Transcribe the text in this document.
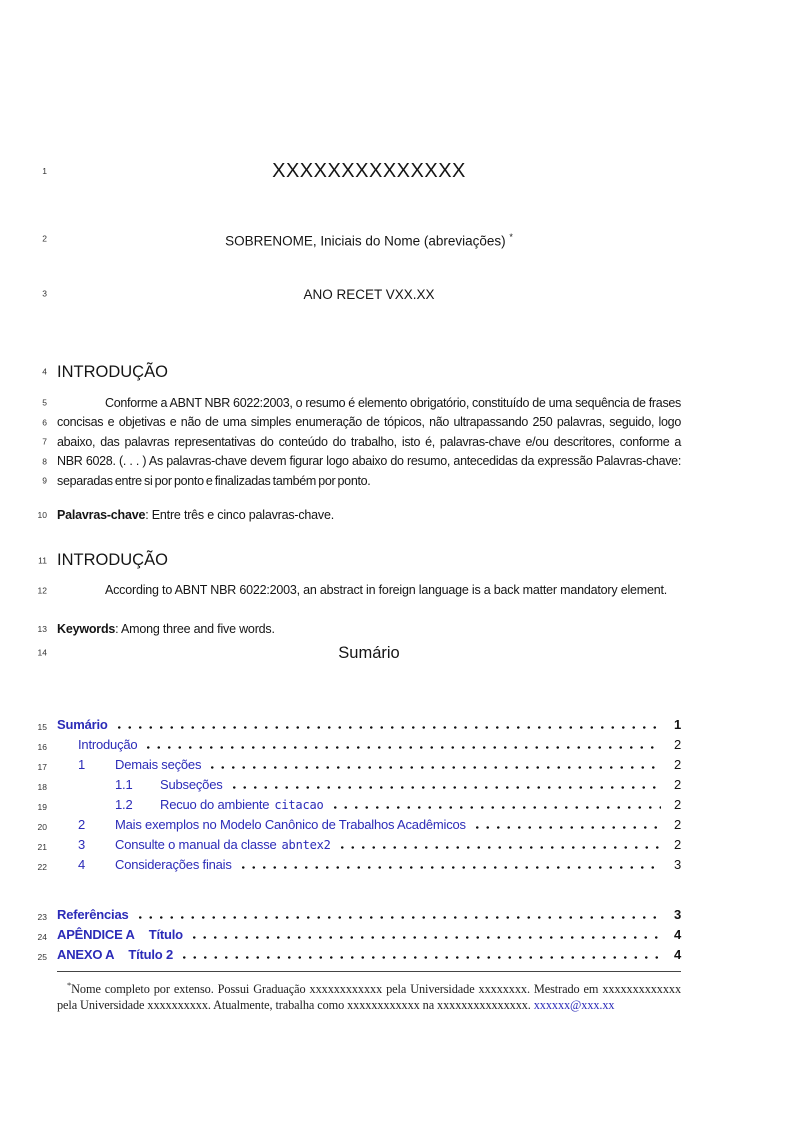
1	XXXXXXXXXXXXXX
2	SOBRENOME, Iniciais do Nome (abreviações) *
3	ANO RECET VXX.XX
4 INTRODUÇÃO
5	Conforme a ABNT NBR 6022:2003, o resumo é elemento obrigatório, constituído de uma sequência de frases
6 concisas e objetivas e não de uma simples enumeração de tópicos, não ultrapassando 250 palavras, seguido, logo
7 abaixo, das palavras representativas do conteúdo do trabalho, isto é, palavras-chave e/ou descritores, conforme a
8 NBR 6028. (. . . ) As palavras-chave devem figurar logo abaixo do resumo, antecedidas da expressão Palavras-chave:
9 separadas entre si por ponto e finalizadas também por ponto.
10 Palavras-chave: Entre três e cinco palavras-chave.
11 INTRODUÇÃO
12	According to ABNT NBR 6022:2003, an abstract in foreign language is a back matter mandatory element.
13 Keywords: Among three and five words.
14	Sumário
15 Sumário	1
16 Introdução	2
17 1	Demais seções	2
18	1.1	Subseções	2
19	1.2	Recuo do ambiente citacao	2
20 2	Mais exemplos no Modelo Canônico de Trabalhos Acadêmicos	2
21 3	Consulte o manual da classe abntex2	2
22 4	Considerações finais	3
23 Referências	3
24 APÊNDICE A Título	4
25 ANEXO A Título 2	4
*Nome completo por extenso. Possui Graduação xxxxxxxxxxxx pela Universidade xxxxxxxx. Mestrado em xxxxxxxxxxxxx pela Universidade xxxxxxxxxx. Atualmente, trabalha como xxxxxxxxxxxx na xxxxxxxxxxxxxxx. xxxxxx@xxx.xx
